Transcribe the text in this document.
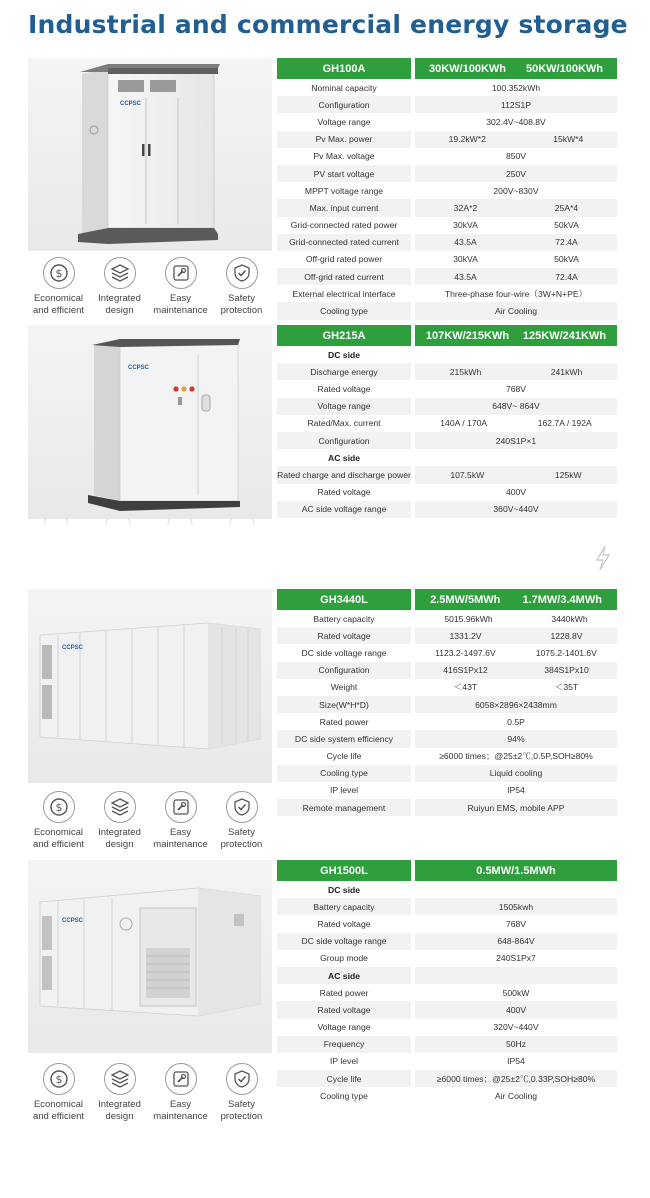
Industrial and commercial energy storage
CCPSC
$
Economical
and efficient
Integrated
design
Easy
maintenance
Safety
protection
GH100A	30KW/100KWh 50KW/100KWh
Nominal capacity	100.352kWh
Configuration	112S1P
Voltage range	302.4V~408.8V
Pv Max. power	19.2kW*2	15kW*4
Pv Max. voltage	850V
PV start voltage	250V
MPPT voltage range	200V~830V
Max. input current	32A*2	25A*4
Grid-connected rated power	30kVA	50kVA
Grid-connected rated current	43.5A	72.4A
Off-grid rated power	30kVA	50kVA
Off-grid rated current	43.5A	72.4A
External electrical interface	Three-phase four-wire（3W+N+PE）
Cooling type	Air Cooling
CCPSC
GH215A	107KW/215KWh 125KW/241KWh
DC side
Discharge energy	215kWh	241kWh
Rated voltage	768V
Voltage range	648V~ 864V
Rated/Max. current	140A / 170A	162.7A / 192A
Configuration	240S1P×1
AC side
Rated charge and discharge power	107.5kW	125kW
Rated voltage	400V
AC side voltage range	360V~440V
CCPSC
$
Economical
and efficient
Integrated
design
Easy
maintenance
Safety
protection
GH3440L	2.5MW/5MWh 1.7MW/3.4MWh
Battery capacity	5015.96kWh	3440kWh
Rated voltage	1331.2V	1228.8V
DC side voltage range	1123.2-1497.6V	1075.2-1401.6V
Configuration	416S1Px12	384S1Px10
Weight	＜43T	＜35T
Size(W*H*D)	6058×2896×2438mm
Rated power	0.5P
DC side system efficiency	94%
Cycle life	≥6000 times；@25±2℃,0.5P,SOH≥80%
Cooling type	Liquid cooling
IP level	IP54
Remote management	Ruiyun EMS, mobile APP
CCPSC
$
Economical
and efficient
Integrated
design
Easy
maintenance
Safety
protection
GH1500L	0.5MW/1.5MWh
DC side
Battery capacity	1505kwh
Rated voltage	768V
DC side voltage range	648-864V
Group mode	240S1Px7
AC side
Rated power	500kW
Rated voltage	400V
Voltage range	320V~440V
Frequency	50Hz
IP level	IP54
Cycle life	≥6000 times；@25±2℃,0.33P,SOH≥80%
Cooling type	Air Cooling
